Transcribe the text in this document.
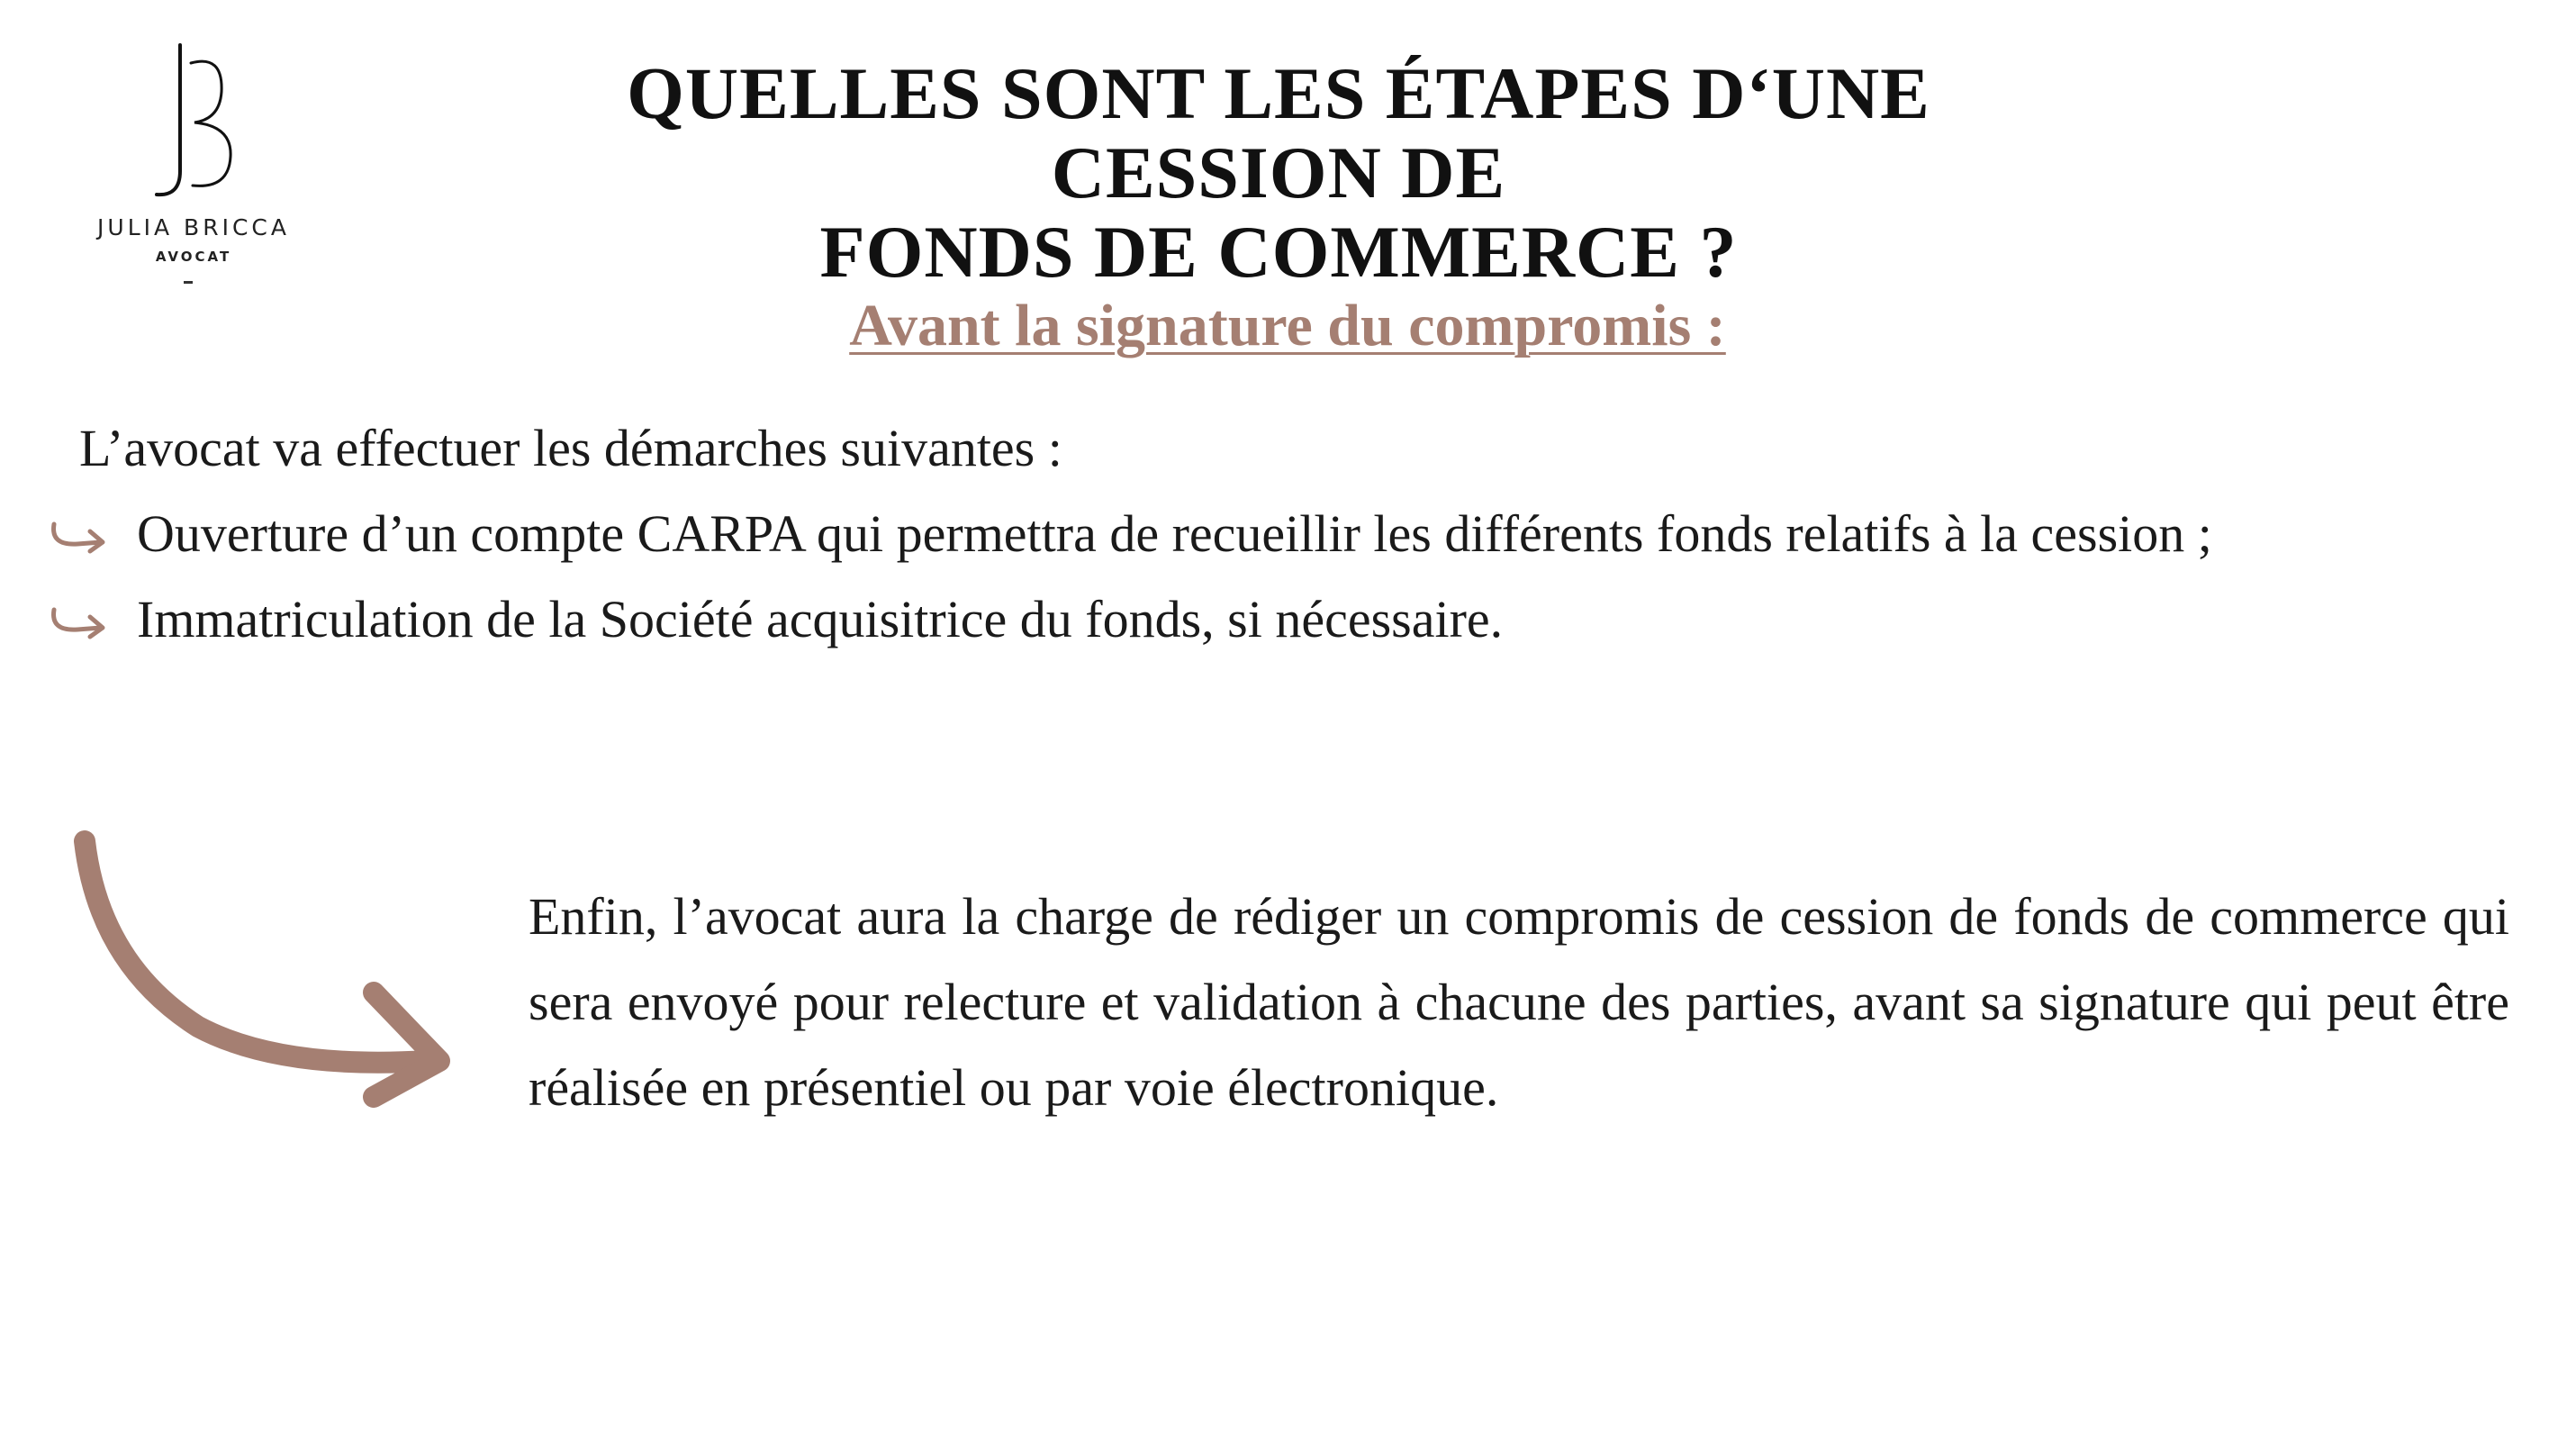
JULIA BRICCA
AVOCAT
QUELLES SONT LES ÉTAPES D‘UNE CESSION DE
FONDS DE COMMERCE ?
Avant la signature du compromis :
L’avocat va effectuer les démarches suivantes :
Ouverture d’un compte CARPA qui permettra de recueillir les différents fonds relatifs à la cession ;
Immatriculation de la Société acquisitrice du fonds, si nécessaire.
Enfin, l’avocat aura la charge de rédiger un compromis de cession de fonds de commerce qui sera envoyé pour relecture et validation à chacune des parties, avant sa signature qui peut être réalisée en présentiel ou par voie électronique.
